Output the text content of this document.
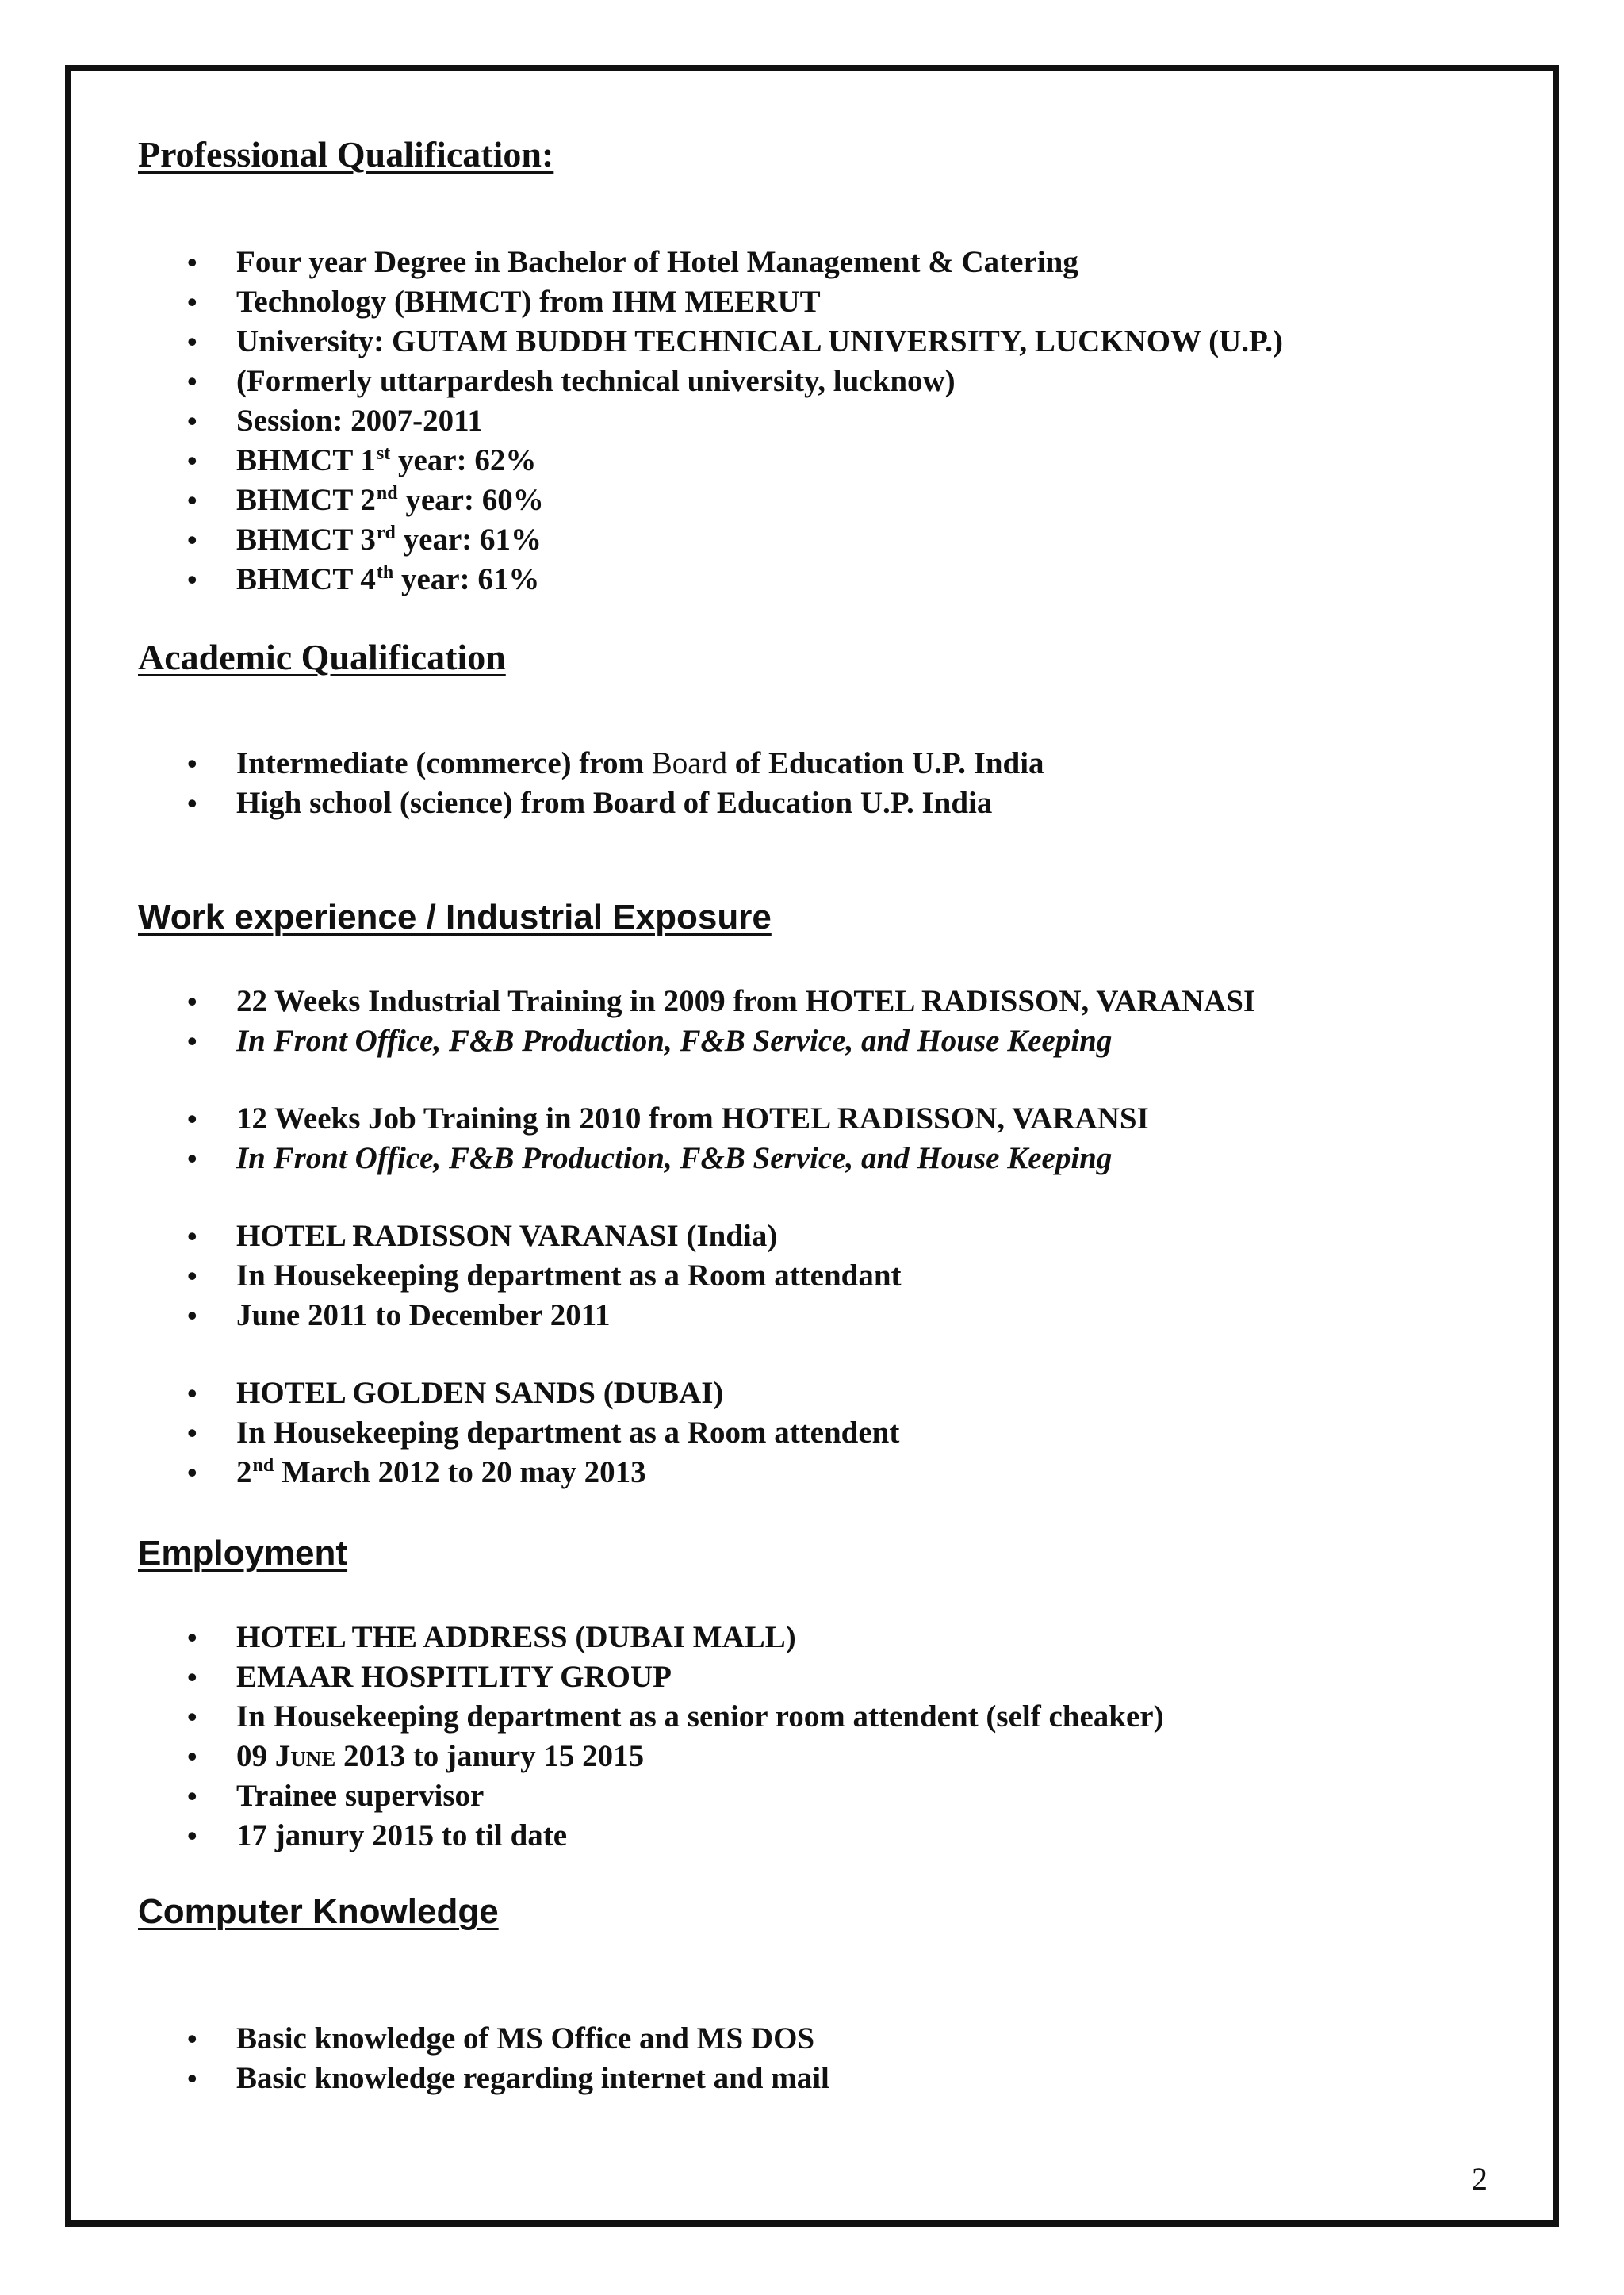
Professional Qualification:
• Four year Degree in Bachelor of Hotel Management & Catering
• Technology (BHMCT) from IHM MEERUT
• University: GUTAM BUDDH TECHNICAL UNIVERSITY, LUCKNOW (U.P.)
• (Formerly uttarpardesh technical university, lucknow)
• Session: 2007-2011
• BHMCT 1st year: 62%
• BHMCT 2nd year: 60%
• BHMCT 3rd year: 61%
• BHMCT 4th year: 61%
Academic Qualification
• Intermediate (commerce) from Board of Education U.P. India
• High school (science) from Board of Education U.P. India
Work experience / Industrial Exposure
• 22 Weeks Industrial Training in 2009 from HOTEL RADISSON, VARANASI
• In Front Office, F&B Production, F&B Service, and House Keeping
• 12 Weeks Job Training in 2010 from HOTEL RADISSON, VARANSI
• In Front Office, F&B Production, F&B Service, and House Keeping
• HOTEL RADISSON VARANASI (India)
• In Housekeeping department as a Room attendant
• June 2011 to December 2011
• HOTEL GOLDEN SANDS (DUBAI)
• In Housekeeping department as a Room attendent
• 2nd March 2012 to 20 may 2013
Employment
• HOTEL THE ADDRESS (DUBAI MALL)
• EMAAR HOSPITLITY GROUP
• In Housekeeping department as a senior room attendent (self cheaker)
• 09 June 2013 to janury 15 2015
• Trainee supervisor
• 17 janury 2015 to til date
Computer Knowledge
• Basic knowledge of MS Office and MS DOS
• Basic knowledge regarding internet and mail
2
